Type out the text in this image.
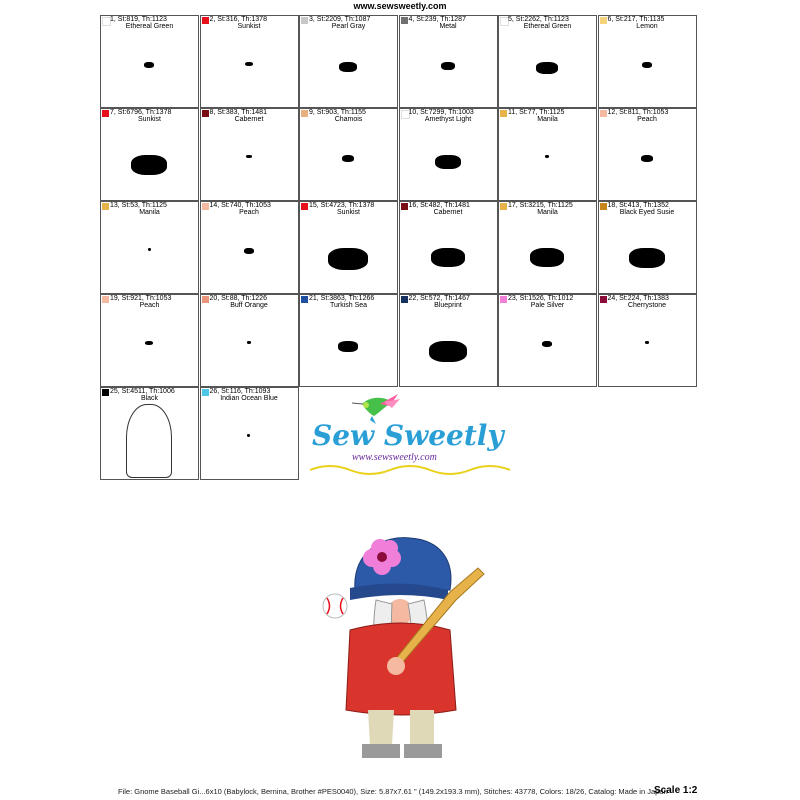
www.sewsweetly.com
1, St:819, Th:1123
Ethereal Green
2, St:316, Th:1378
Sunkist
3, St:2209, Th:1087
Pearl Gray
4, St:239, Th:1287
Metal
5, St:2262, Th:1123
Ethereal Green
6, St:217, Th:1135
Lemon
7, St:6796, Th:1378
Sunkist
8, St:383, Th:1481
Cabernet
9, St:903, Th:1155
Chamois
10, St:7299, Th:1003
Amethyst Light
11, St:77, Th:1125
Manila
12, St:811, Th:1053
Peach
13, St:53, Th:1125
Manila
14, St:740, Th:1053
Peach
15, St:4723, Th:1378
Sunkist
16, St:482, Th:1481
Cabernet
17, St:3215, Th:1125
Manila
18, St:413, Th:1352
Black Eyed Susie
19, St:921, Th:1053
Peach
20, St:88, Th:1226
Buff Orange
21, St:3863, Th:1266
Turkish Sea
22, St:572, Th:1467
Blueprint
23, St:1526, Th:1012
Pale Silver
24, St:224, Th:1383
Cherrystone
25, St:4511, Th:1006
Black
26, St:116, Th:1093
Indian Ocean Blue
Sew Sweetly
www.sewsweetly.com
File: Gnome Baseball Gi...6x10 (Babylock, Bernina, Brother #PES0040), Size: 5.87x7.61 " (149.2x193.3 mm), Stitches: 43778, Colors: 18/26, Catalog: Made in Japan
Scale 1:2
